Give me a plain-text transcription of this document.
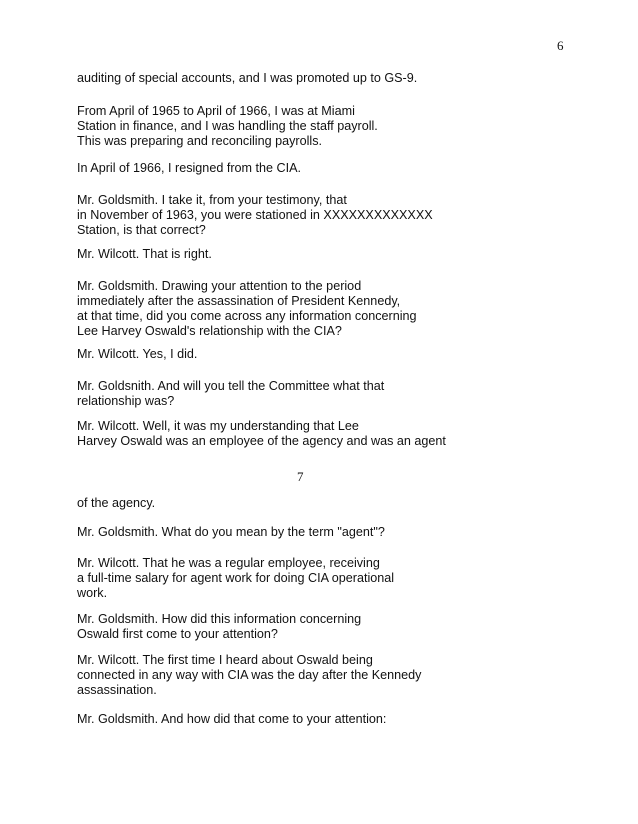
6

auditing of special accounts, and I was promoted up to GS-9.

From April of 1965 to April of 1966, I was at Miami
Station in finance, and I was handling the staff payroll.
This was preparing and reconciling payrolls.

In April of 1966, I resigned from the CIA.

Mr. Goldsmith. I take it, from your testimony, that
in November of 1963, you were stationed in XXXXXXXXXXXXX
Station, is that correct?

Mr. Wilcott. That is right.

Mr. Goldsmith. Drawing your attention to the period
immediately after the assassination of President Kennedy,
at that time, did you come across any information concerning
Lee Harvey Oswald's relationship with the CIA?

Mr. Wilcott. Yes, I did.

Mr. Goldsnith. And will you tell the Committee what that
relationship was?

Mr. Wilcott. Well, it was my understanding that Lee
Harvey Oswald was an employee of the agency and was an agent

7

of the agency.

Mr. Goldsmith. What do you mean by the term "agent"?

Mr. Wilcott. That he was a regular employee, receiving
a full-time salary for agent work for doing CIA operational
work.

Mr. Goldsmith. How did this information concerning
Oswald first come to your attention?

Mr. Wilcott. The first time I heard about Oswald being
connected in any way with CIA was the day after the Kennedy
assassination.

Mr. Goldsmith. And how did that come to your attention:
